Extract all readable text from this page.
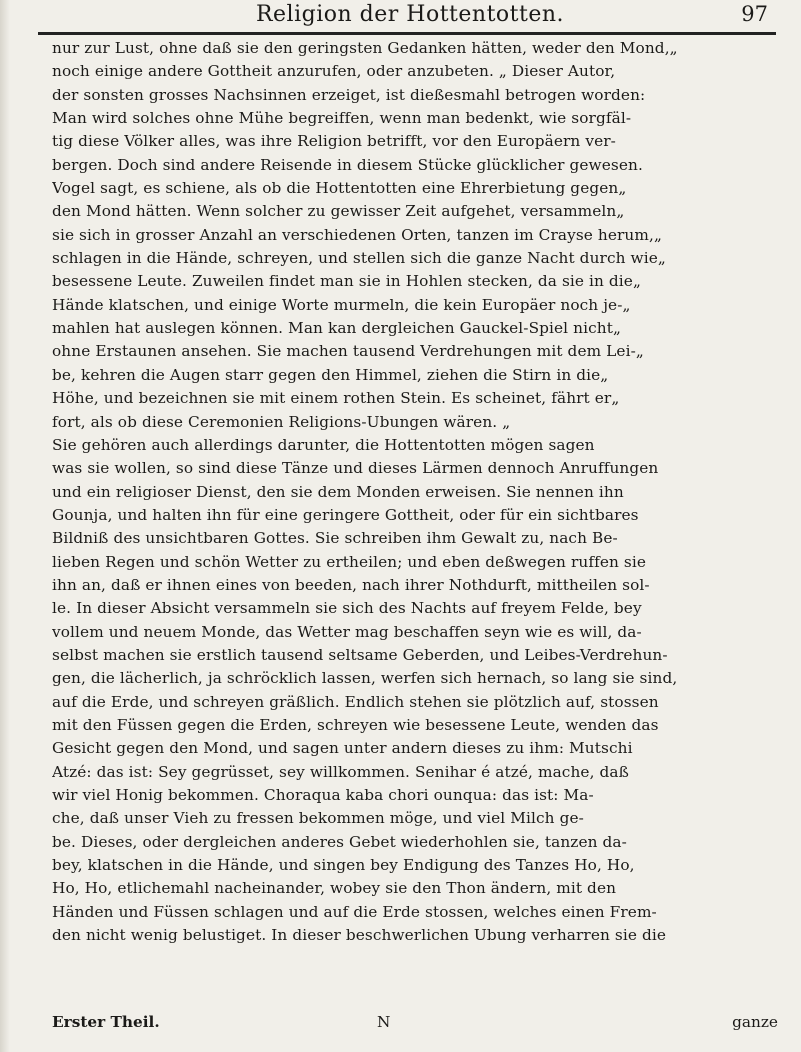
Religion der Hottentotten.	97
nur zur Lust, ohne daß sie den geringsten Gedanken hätten, weder den Mond,„
noch einige andere Gottheit anzurufen, oder anzubeten. „ Dieser Autor,
der sonsten grosses Nachsinnen erzeiget, ist dießesmahl betrogen worden:
Man wird solches ohne Mühe begreiffen, wenn man bedenkt, wie sorgfäl-
tig diese Völker alles, was ihre Religion betrifft, vor den Europäern ver-
bergen. Doch sind andere Reisende in diesem Stücke glücklicher gewesen.
Vogel sagt, es schiene, als ob die Hottentotten eine Ehrerbietung gegen„
den Mond hätten. Wenn solcher zu gewisser Zeit aufgehet, versammeln„
sie sich in grosser Anzahl an verschiedenen Orten, tanzen im Crayse herum,„
schlagen in die Hände, schreyen, und stellen sich die ganze Nacht durch wie„
besessene Leute. Zuweilen findet man sie in Hohlen stecken, da sie in die„
Hände klatschen, und einige Worte murmeln, die kein Europäer noch je-„
mahlen hat auslegen können. Man kan dergleichen Gauckel-Spiel nicht„
ohne Erstaunen ansehen. Sie machen tausend Verdrehungen mit dem Lei-„
be, kehren die Augen starr gegen den Himmel, ziehen die Stirn in die„
Höhe, und bezeichnen sie mit einem rothen Stein. Es scheinet, fährt er„
fort, als ob diese Ceremonien Religions-Ubungen wären. „
Sie gehören auch allerdings darunter, die Hottentotten mögen sagen
was sie wollen, so sind diese Tänze und dieses Lärmen dennoch Anruffungen
und ein religioser Dienst, den sie dem Monden erweisen. Sie nennen ihn
Gounja, und halten ihn für eine geringere Gottheit, oder für ein sichtbares
Bildniß des unsichtbaren Gottes. Sie schreiben ihm Gewalt zu, nach Be-
lieben Regen und schön Wetter zu ertheilen; und eben deßwegen ruffen sie
ihn an, daß er ihnen eines von beeden, nach ihrer Nothdurft, mittheilen sol-
le. In dieser Absicht versammeln sie sich des Nachts auf freyem Felde, bey
vollem und neuem Monde, das Wetter mag beschaffen seyn wie es will, da-
selbst machen sie erstlich tausend seltsame Geberden, und Leibes-Verdrehun-
gen, die lächerlich, ja schröcklich lassen, werfen sich hernach, so lang sie sind,
auf die Erde, und schreyen gräßlich. Endlich stehen sie plötzlich auf, stossen
mit den Füssen gegen die Erden, schreyen wie besessene Leute, wenden das
Gesicht gegen den Mond, und sagen unter andern dieses zu ihm: Mutschi
Atzé: das ist: Sey gegrüsset, sey willkommen. Senihar é atzé, mache, daß
wir viel Honig bekommen. Choraqua kaba chori ounqua: das ist: Ma-
che, daß unser Vieh zu fressen bekommen möge, und viel Milch ge-
be. Dieses, oder dergleichen anderes Gebet wiederhohlen sie, tanzen da-
bey, klatschen in die Hände, und singen bey Endigung des Tanzes Ho, Ho,
Ho, Ho, etlichemahl nacheinander, wobey sie den Thon ändern, mit den
Händen und Füssen schlagen und auf die Erde stossen, welches einen Frem-
den nicht wenig belustiget. In dieser beschwerlichen Ubung verharren sie die
Erster Theil.	N	ganze
